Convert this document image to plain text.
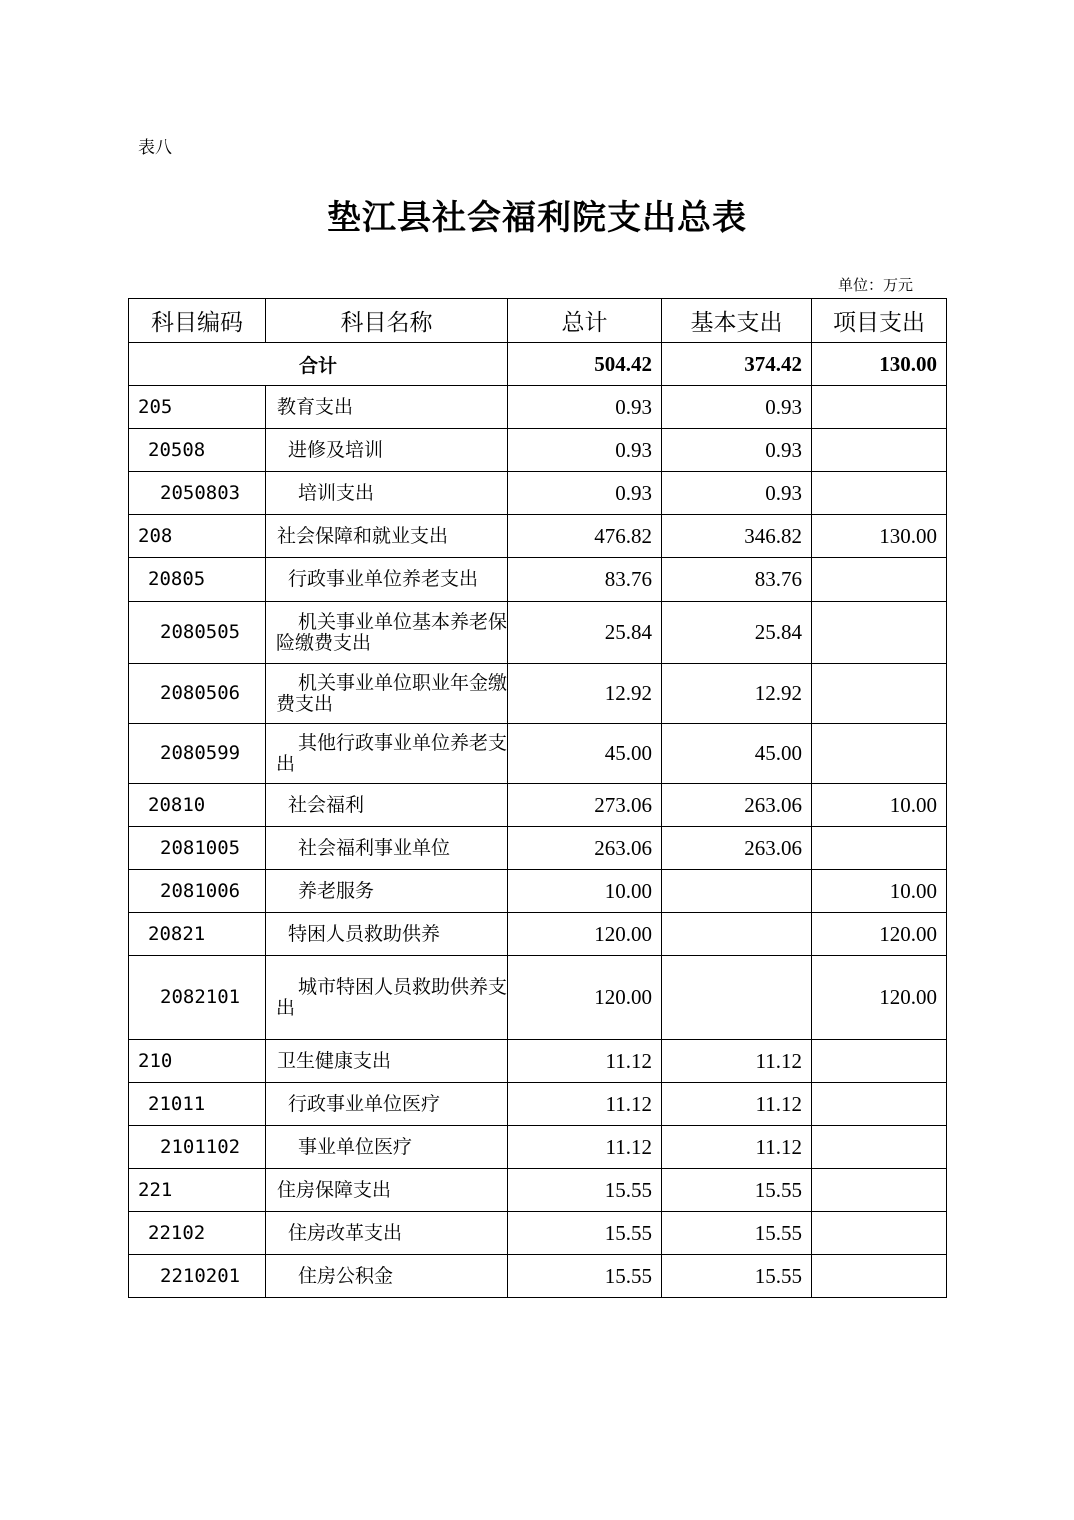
表八
垫江县社会福利院支出总表
单位：万元
科目编码	科目名称	总计	基本支出	项目支出
合计		504.42	374.42	130.00
205	教育支出	0.93	0.93	
20508	进修及培训	0.93	0.93	
2050803	培训支出	0.93	0.93	
208	社会保障和就业支出	476.82	346.82	130.00
20805	行政事业单位养老支出	83.76	83.76	
2080505	机关事业单位基本养老保险缴费支出	25.84	25.84	
2080506	机关事业单位职业年金缴费支出	12.92	12.92	
2080599	其他行政事业单位养老支出	45.00	45.00	
20810	社会福利	273.06	263.06	10.00
2081005	社会福利事业单位	263.06	263.06	
2081006	养老服务	10.00		10.00
20821	特困人员救助供养	120.00		120.00
2082101	城市特困人员救助供养支出	120.00		120.00
210	卫生健康支出	11.12	11.12	
21011	行政事业单位医疗	11.12	11.12	
2101102	事业单位医疗	11.12	11.12	
221	住房保障支出	15.55	15.55	
22102	住房改革支出	15.55	15.55	
2210201	住房公积金	15.55	15.55	
